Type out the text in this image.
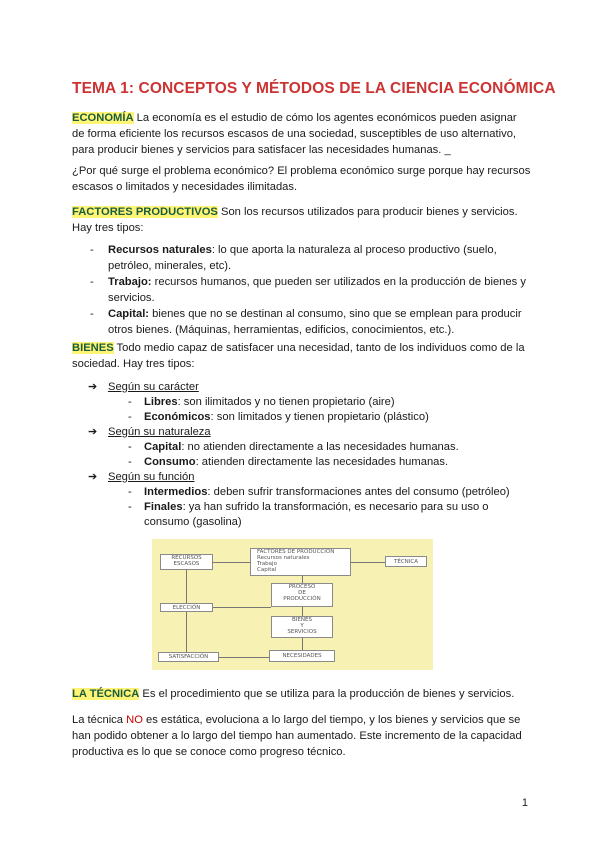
TEMA 1: CONCEPTOS Y MÉTODOS DE LA CIENCIA ECONÓMICA

ECONOMÍA La economía es el estudio de cómo los agentes económicos pueden asignar de forma eficiente los recursos escasos de una sociedad, susceptibles de uso alternativo, para producir bienes y servicios para satisfacer las necesidades humanas. _

¿Por qué surge el problema económico? El problema económico surge porque hay recursos escasos o limitados y necesidades ilimitadas.

FACTORES PRODUCTIVOS Son los recursos utilizados para producir bienes y servicios. Hay tres tipos:

- Recursos naturales: lo que aporta la naturaleza al proceso productivo (suelo, petróleo, minerales, etc).
- Trabajo: recursos humanos, que pueden ser utilizados en la producción de bienes y servicios.
- Capital: bienes que no se destinan al consumo, sino que se emplean para producir otros bienes. (Máquinas, herramientas, edificios, conocimientos, etc.).

BIENES Todo medio capaz de satisfacer una necesidad, tanto de los individuos como de la sociedad. Hay tres tipos:

➔ Según su carácter
- Libres: son ilimitados y no tienen propietario (aire)
- Económicos: son limitados y tienen propietario (plástico)
➔ Según su naturaleza
- Capital: no atienden directamente a las necesidades humanas.
- Consumo: atienden directamente las necesidades humanas.
➔ Según su función
- Intermedios: deben sufrir transformaciones antes del consumo (petróleo)
- Finales: ya han sufrido la transformación, es necesario para su uso o consumo (gasolina)
RECURSOS
ESCASOS
FACTORES DE PRODUCCIÓN
Recursos naturales
Trabajo
Capital
TÉCNICA
ELECCIÓN
PROCESO
DE
PRODUCCIÓN
BIENES
Y
SERVICIOS
NECESIDADES
SATISFACCIÓN

LA TÉCNICA Es el procedimiento que se utiliza para la producción de bienes y servicios.

La técnica NO es estática, evoluciona a lo largo del tiempo, y los bienes y servicios que se han podido obtener a lo largo del tiempo han aumentado. Este incremento de la capacidad productiva es lo que se conoce como progreso técnico.

1
